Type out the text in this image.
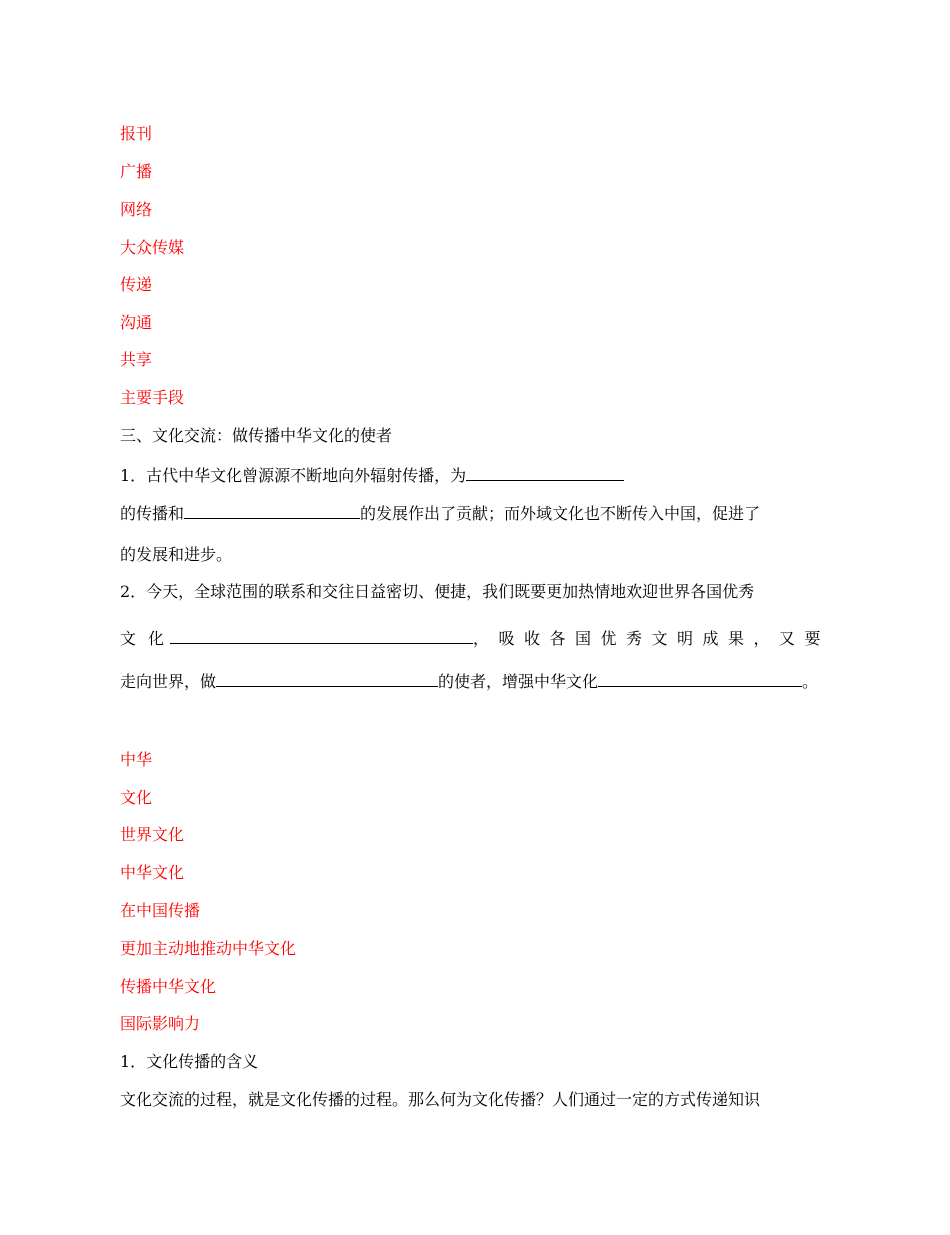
报刊
广播
网络
大众传媒
传递
沟通
共享
主要手段
三、文化交流：做传播中华文化的使者
1．古代中华文化曾源源不断地向外辐射传播，为
的传播和	的发展作出了贡献；而外域文化也不断传入中国，促进了
的发展和进步。
2．今天，全球范围的联系和交往日益密切、便捷，我们既要更加热情地欢迎世界各国优秀
文化	，吸收各国优秀文明成果，又要
走向世界，做	的使者，增强中华文化	。
中华
文化
世界文化
中华文化
在中国传播
更加主动地推动中华文化
传播中华文化
国际影响力
1．文化传播的含义
文化交流的过程，就是文化传播的过程。那么何为文化传播？人们通过一定的方式传递知识
